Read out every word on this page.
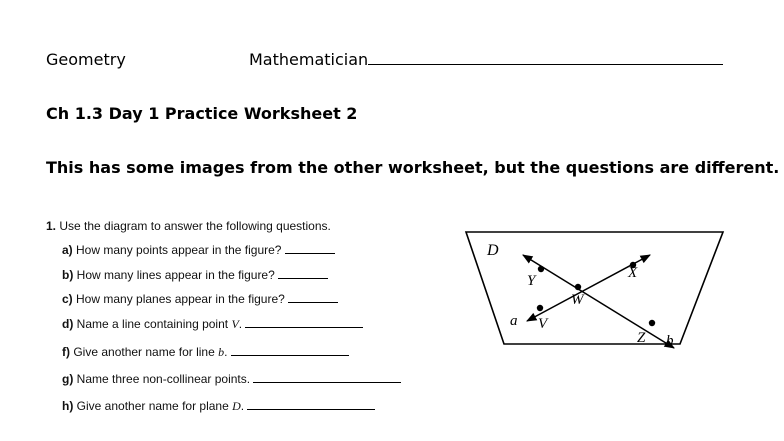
Geometry	Mathematician
Ch 1.3 Day 1 Practice Worksheet 2
This has some images from the other worksheet, but the questions are different.
1. Use the diagram to answer the following questions.
a) How many points appear in the figure?
b) How many lines appear in the figure?
c) How many planes appear in the figure?
d) Name a line containing point V.
f) Give another name for line b.
g) Name three non-collinear points.
h) Give another name for plane D.
D
Y	X
W
V
Z
a
b
